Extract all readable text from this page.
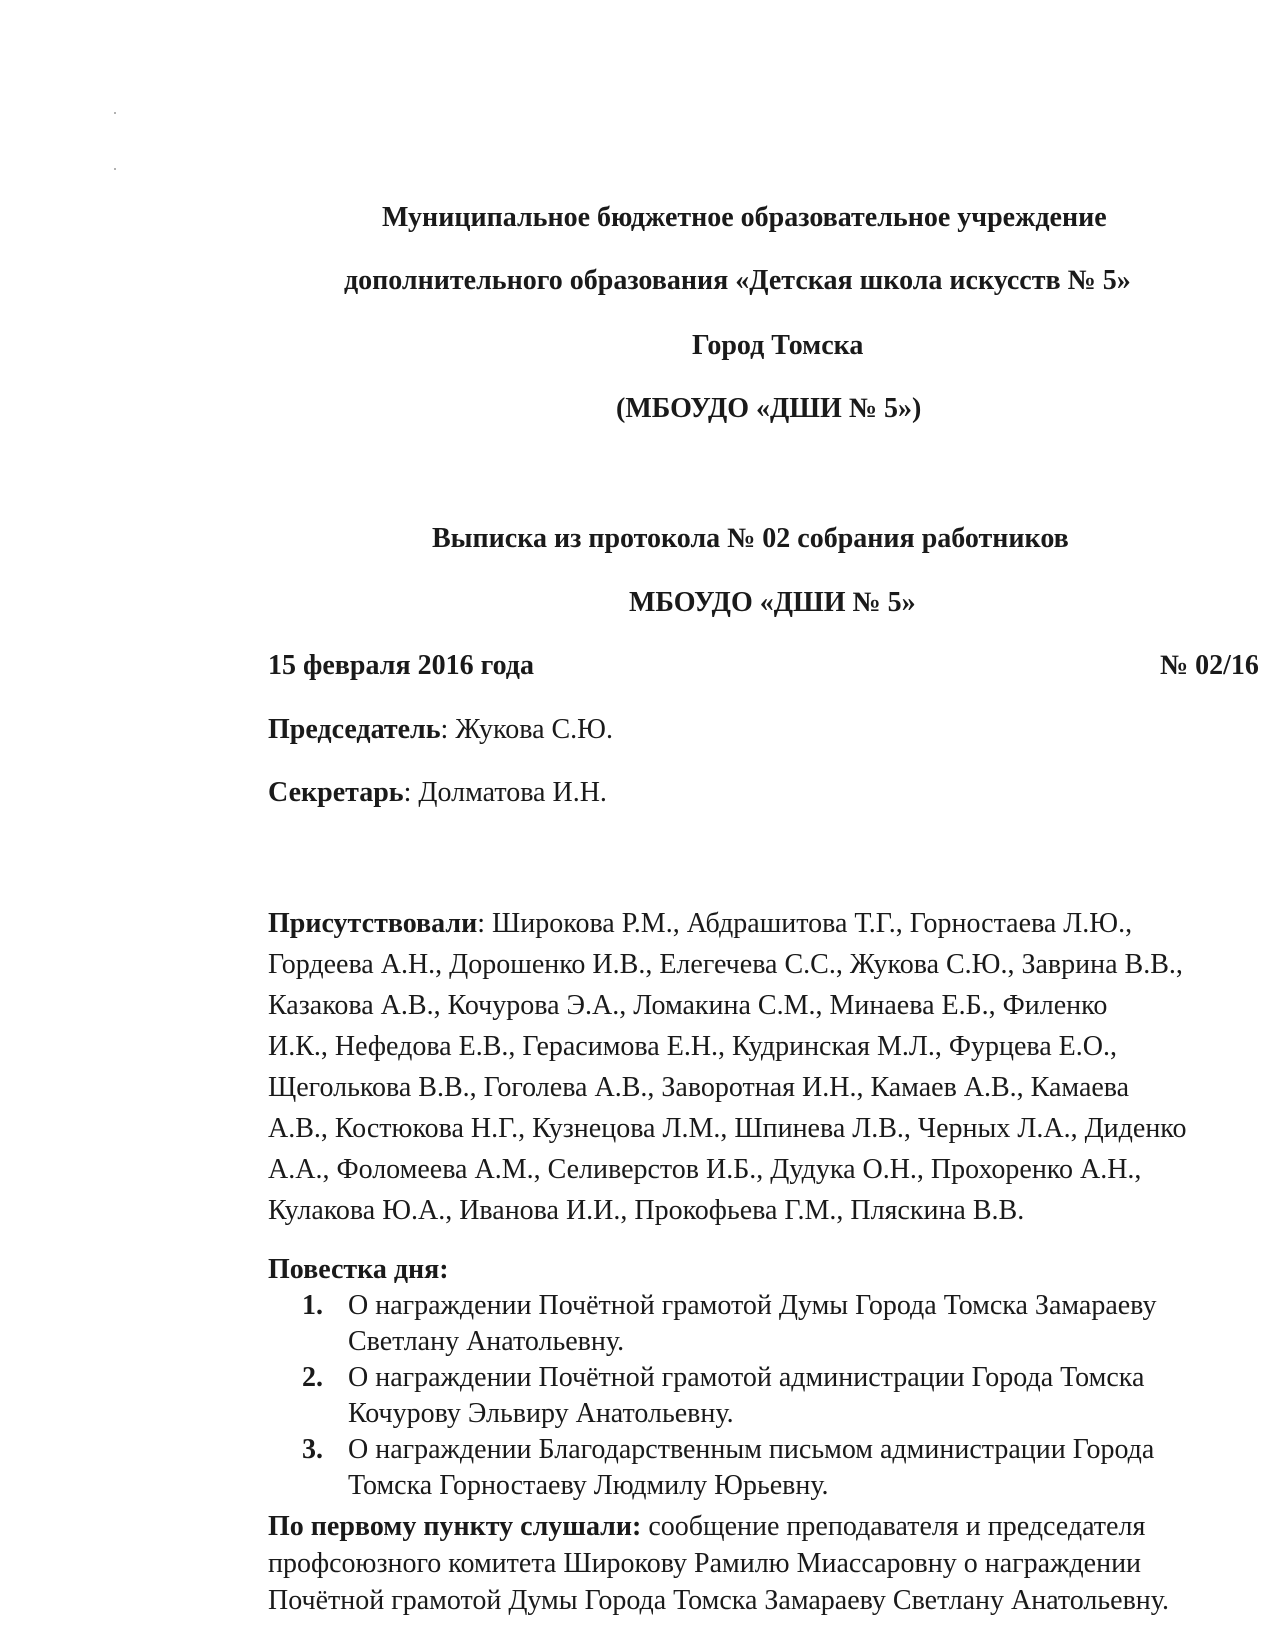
Муниципальное бюджетное образовательное учреждение
дополнительного образования «Детская школа искусств № 5»
Город Томска
(МБОУДО «ДШИ № 5»)
Выписка из протокола № 02 собрания работников
МБОУДО «ДШИ № 5»
15 февраля 2016 года	№ 02/16
Председатель: Жукова С.Ю.
Секретарь: Долматова И.Н.
Присутствовали: Широкова Р.М., Абдрашитова Т.Г., Горностаева Л.Ю.,
Гордеева А.Н., Дорошенко И.В., Елегечева С.С., Жукова С.Ю., Заврина В.В.,
Казакова А.В., Кочурова Э.А., Ломакина С.М., Минаева Е.Б., Филенко
И.К., Нефедова Е.В., Герасимова Е.Н., Кудринская М.Л., Фурцева Е.О.,
Щеголькова В.В., Гоголева А.В., Заворотная И.Н., Камаев А.В., Камаева
А.В., Костюкова Н.Г., Кузнецова Л.М., Шпинева Л.В., Черных Л.А., Диденко
А.А., Фоломеева А.М., Селиверстов И.Б., Дудука О.Н., Прохоренко А.Н.,
Кулакова Ю.А., Иванова И.И., Прокофьева Г.М., Пляскина В.В.
Повестка дня:
1. О награждении Почётной грамотой Думы Города Томска Замараеву
Светлану Анатольевну.
2. О награждении Почётной грамотой администрации Города Томска
Кочурову Эльвиру Анатольевну.
3. О награждении Благодарственным письмом администрации Города
Томска Горностаеву Людмилу Юрьевну.
По первому пункту слушали: сообщение преподавателя и председателя
профсоюзного комитета Широкову Рамилю Миассаровну о награждении
Почётной грамотой Думы Города Томска Замараеву Светлану Анатольевну.
